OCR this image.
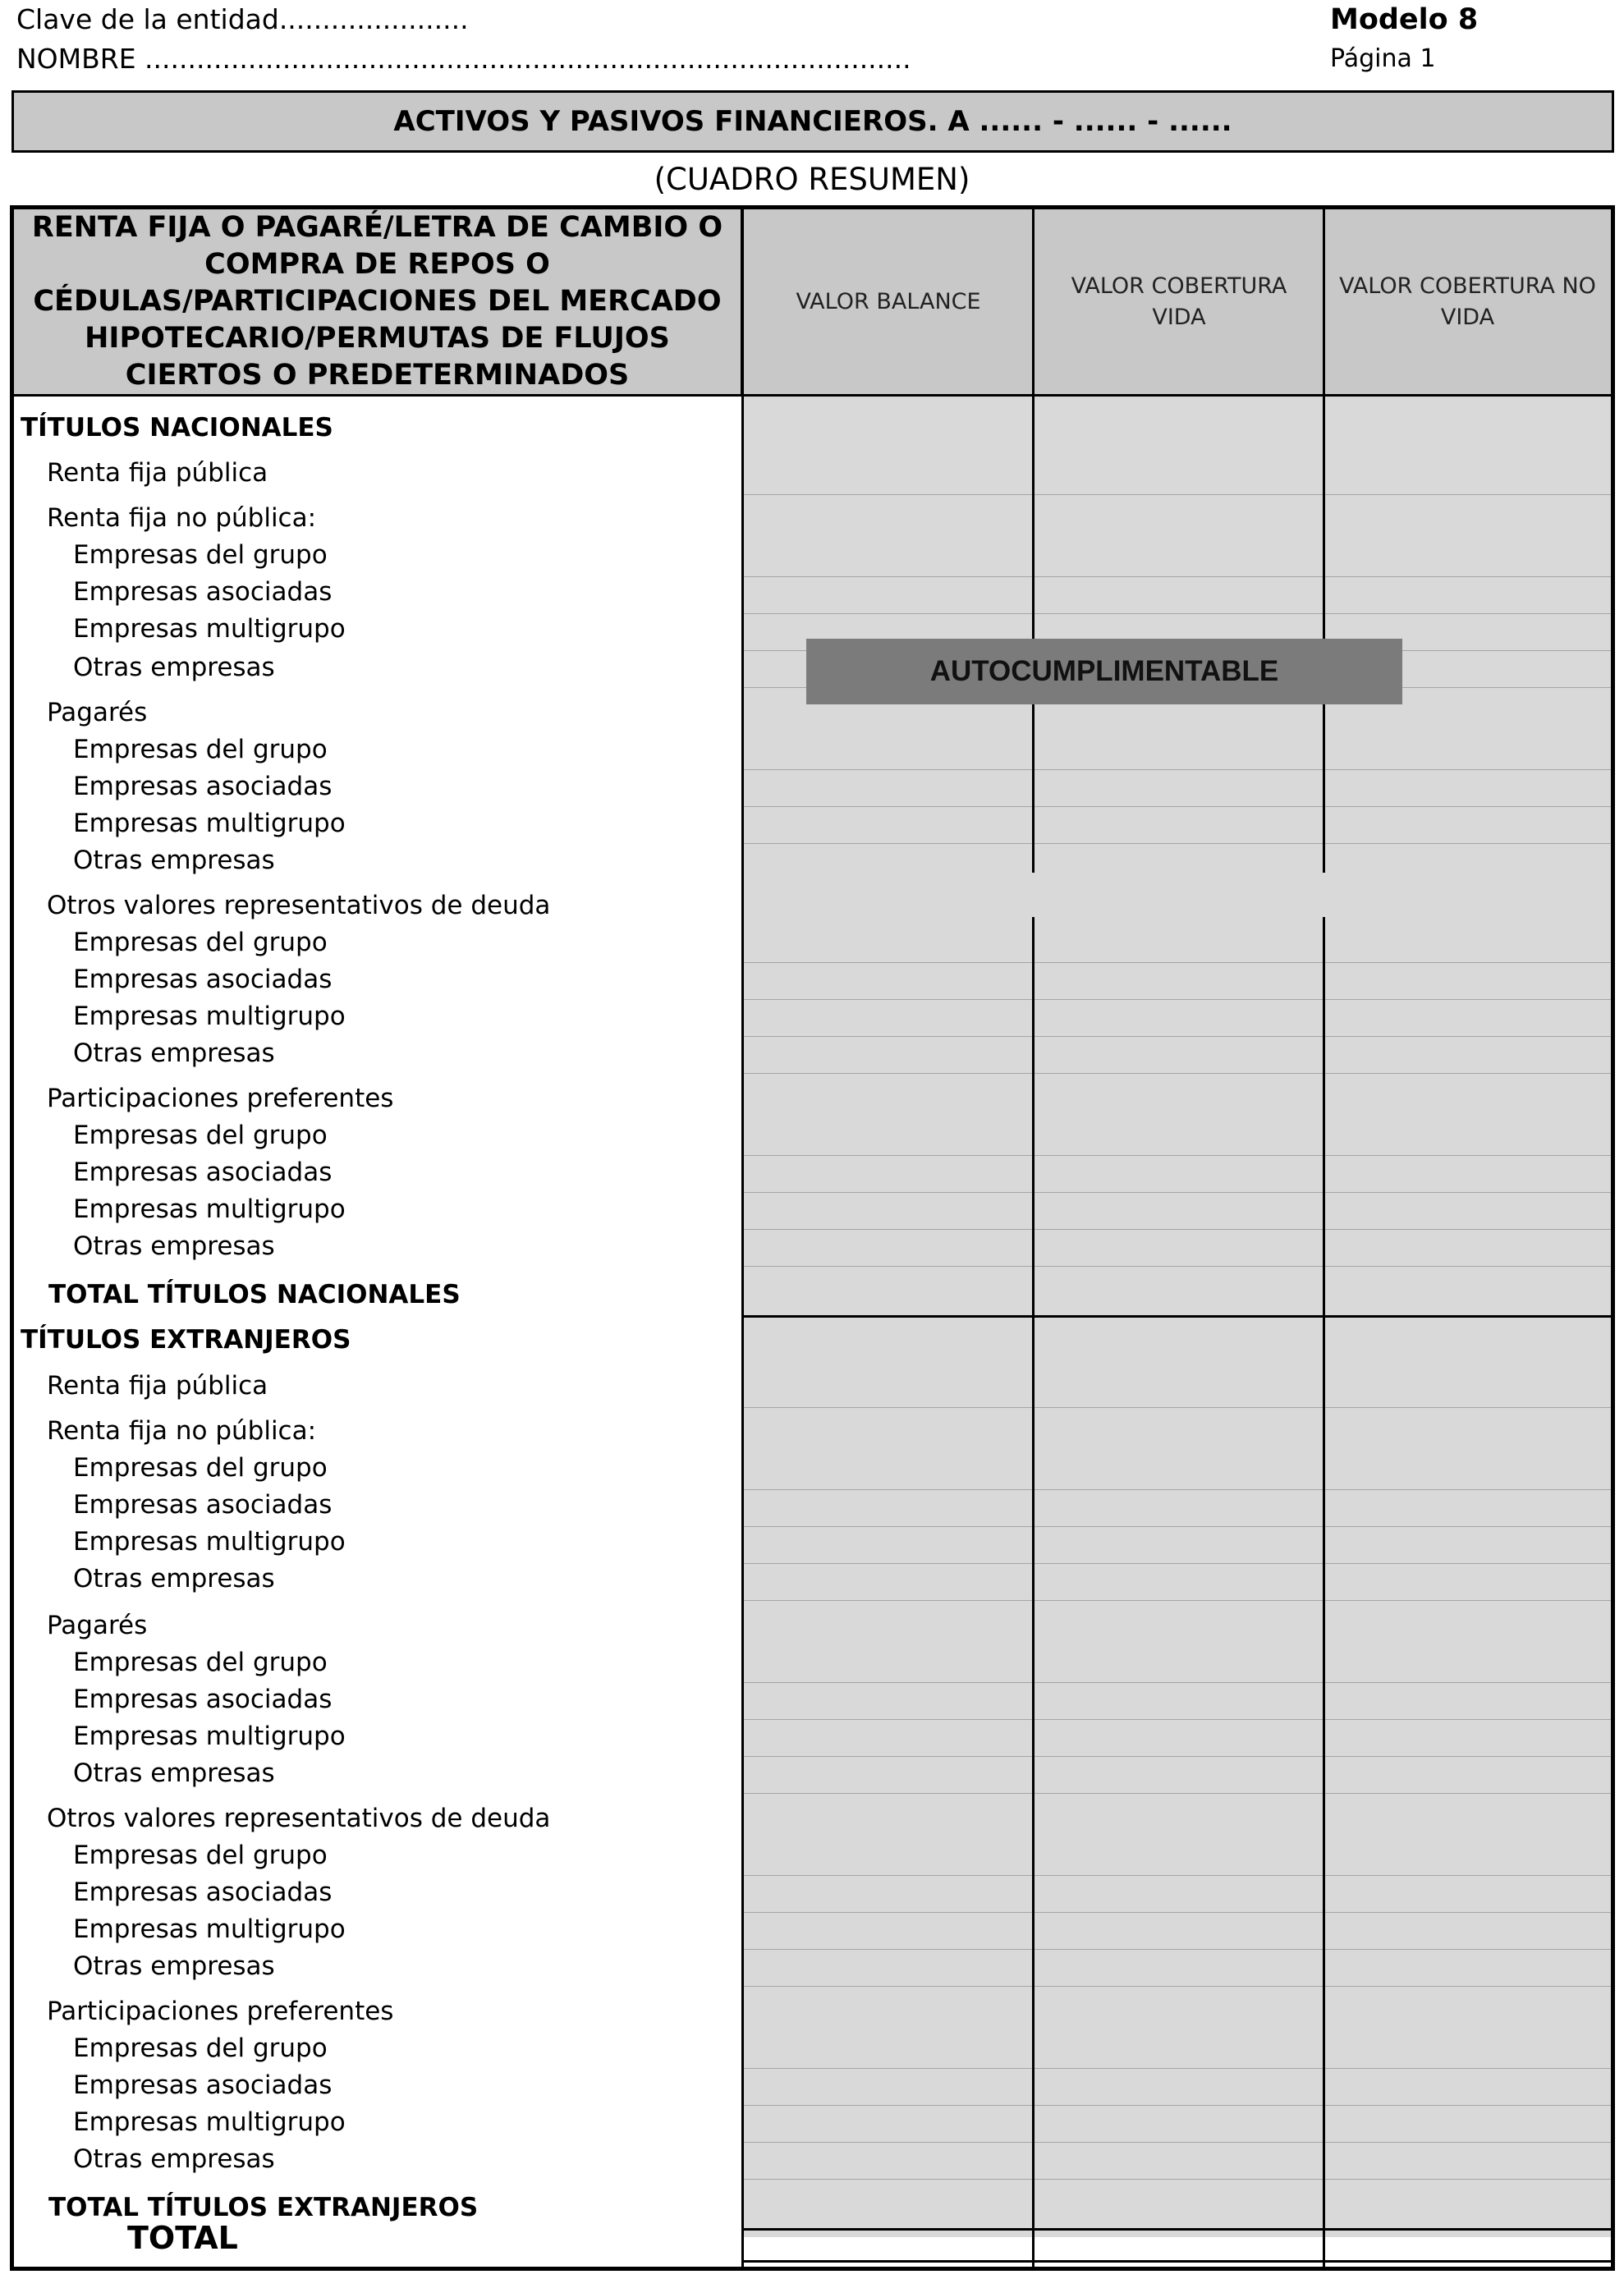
Clave de la entidad......................
NOMBRE .........................................................................................
Modelo 8
Página 1
ACTIVOS Y PASIVOS FINANCIEROS. A ...... - ...... - ......
(CUADRO RESUMEN)
RENTA FIJA O PAGARÉ/LETRA DE CAMBIO O COMPRA DE REPOS O CÉDULAS/PARTICIPACIONES DEL MERCADO HIPOTECARIO/PERMUTAS DE FLUJOS CIERTOS O PREDETERMINADOS
VALOR BALANCE
VALOR COBERTURA VIDA
VALOR COBERTURA NO VIDA
TÍTULOS NACIONALES
Renta fija pública
Renta fija no pública:
Empresas del grupo
Empresas asociadas
Empresas multigrupo
Otras empresas
Pagarés
Empresas del grupo
Empresas asociadas
Empresas multigrupo
Otras empresas
Otros valores representativos de deuda
Empresas del grupo
Empresas asociadas
Empresas multigrupo
Otras empresas
Participaciones preferentes
Empresas del grupo
Empresas asociadas
Empresas multigrupo
Otras empresas
TOTAL TÍTULOS NACIONALES
TÍTULOS EXTRANJEROS
Renta fija pública
Renta fija no pública:
Empresas del grupo
Empresas asociadas
Empresas multigrupo
Otras empresas
Pagarés
Empresas del grupo
Empresas asociadas
Empresas multigrupo
Otras empresas
Otros valores representativos de deuda
Empresas del grupo
Empresas asociadas
Empresas multigrupo
Otras empresas
Participaciones preferentes
Empresas del grupo
Empresas asociadas
Empresas multigrupo
Otras empresas
TOTAL TÍTULOS EXTRANJEROS
TOTAL
AUTOCUMPLIMENTABLE
